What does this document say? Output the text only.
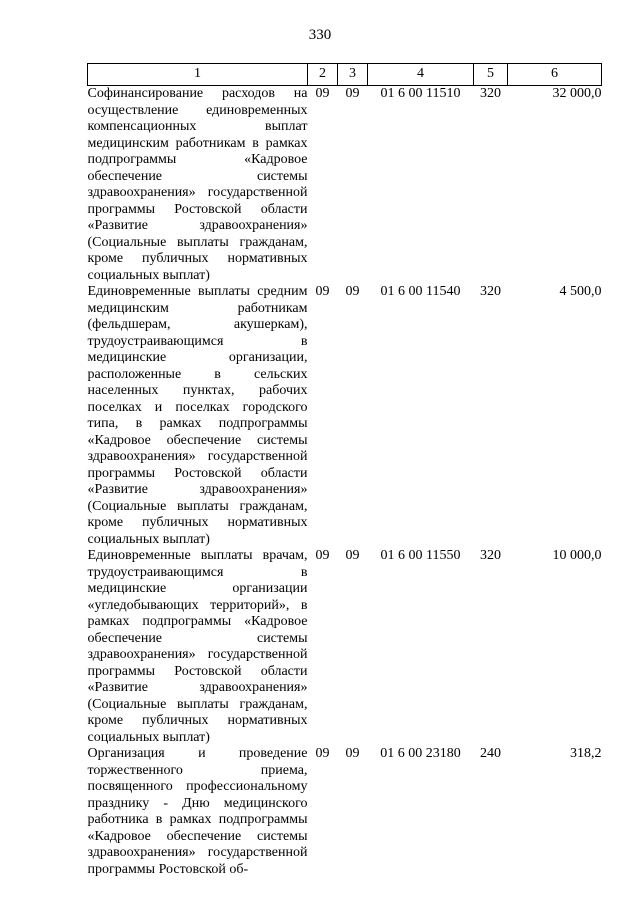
330
1	2	3	4	5	6
Софинансирование расходов на осуществление единовременных компенсационных выплат медицинским работникам в рамках подпрограммы «Кадровое обеспечение системы здравоохранения» государственной программы Ростовской области «Развитие здравоохранения» (Социальные выплаты гражданам, кроме публичных нормативных социальных выплат)	09	09	01 6 00 11510	320	32 000,0
Единовременные выплаты средним медицинским работникам (фельдшерам, акушеркам), трудоустраивающимся в медицинские организации, расположенные в сельских населенных пунктах, рабочих поселках и поселках городского типа, в рамках подпрограммы «Кадровое обеспечение системы здравоохранения» государственной программы Ростовской области «Развитие здравоохранения» (Социальные выплаты гражданам, кроме публичных нормативных социальных выплат)	09	09	01 6 00 11540	320	4 500,0
Единовременные выплаты врачам, трудоустраивающимся в медицинские организации «угледобывающих территорий», в рамках подпрограммы «Кадровое обеспечение системы здравоохранения» государственной программы Ростовской области «Развитие здравоохранения» (Социальные выплаты гражданам, кроме публичных нормативных социальных выплат)	09	09	01 6 00 11550	320	10 000,0
Организация и проведение торжественного приема, посвященного профессиональному празднику - Дню медицинского работника в рамках подпрограммы «Кадровое обеспечение системы здравоохранения» государственной программы Ростовской об-	09	09	01 6 00 23180	240	318,2
